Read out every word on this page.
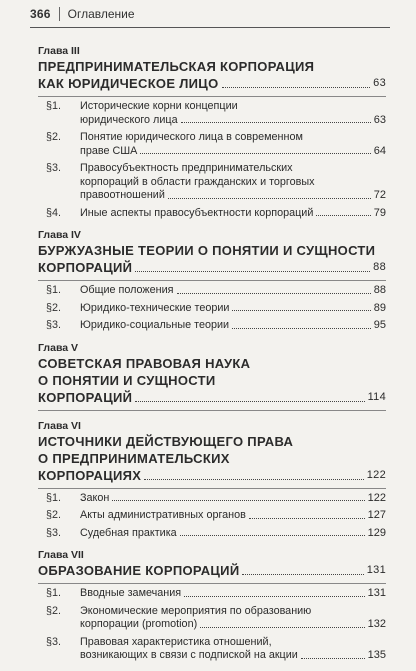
366 Оглавление
Глава III
ПРЕДПРИНИМАТЕЛЬСКАЯ КОРПОРАЦИЯ
КАК ЮРИДИЧЕСКОЕ ЛИЦО	63
§1.	Исторические корни концепции
юридического лица	63
§2.	Понятие юридического лица в современном
праве США	64
§3.	Правосубъектность предпринимательских
корпораций в области гражданских и торговых
правоотношений	72
§4.	Иные аспекты правосубъектности корпораций	79
Глава IV
БУРЖУАЗНЫЕ ТЕОРИИ О ПОНЯТИИ И СУЩНОСТИ
КОРПОРАЦИЙ	88
§1.	Общие положения	88
§2.	Юридико-технические теории	89
§3.	Юридико-социальные теории	95
Глава V
СОВЕТСКАЯ ПРАВОВАЯ НАУКА
О ПОНЯТИИ И СУЩНОСТИ
КОРПОРАЦИЙ	114
Глава VI
ИСТОЧНИКИ ДЕЙСТВУЮЩЕГО ПРАВА
О ПРЕДПРИНИМАТЕЛЬСКИХ
КОРПОРАЦИЯХ	122
§1.	Закон	122
§2.	Акты административных органов	127
§3.	Судебная практика	129
Глава VII
ОБРАЗОВАНИЕ КОРПОРАЦИЙ	131
§1.	Вводные замечания	131
§2.	Экономические мероприятия по образованию
корпорации (promotion)	132
§3.	Правовая характеристика отношений,
возникающих в связи с подпиской на акции	135
